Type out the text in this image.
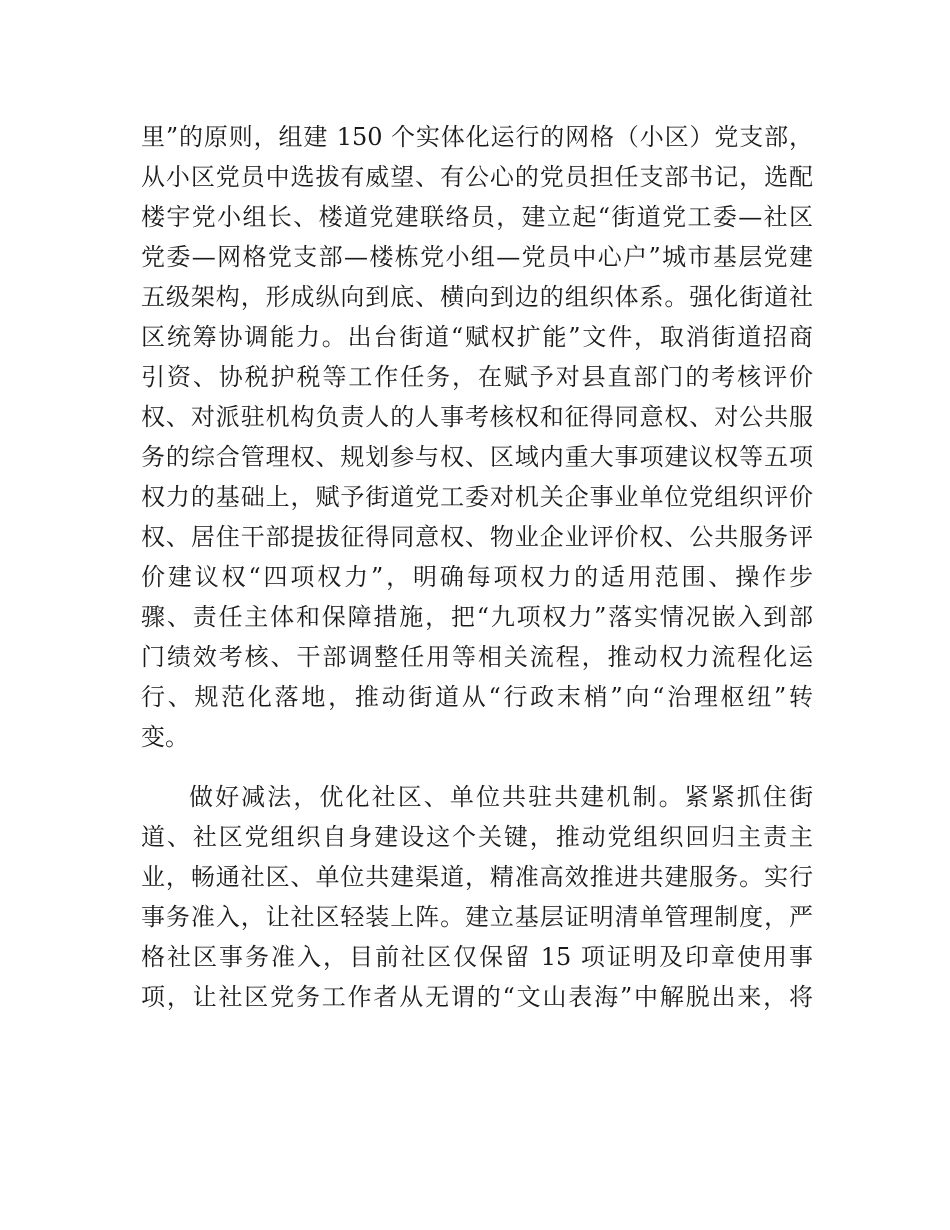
里”的原则，组建 150 个实体化运行的网格（小区）党支部，
从小区党员中选拔有威望、有公心的党员担任支部书记，选配
楼宇党小组长、楼道党建联络员，建立起“街道党工委—社区
党委—网格党支部—楼栋党小组—党员中心户”城市基层党建
五级架构，形成纵向到底、横向到边的组织体系。强化街道社
区统筹协调能力。出台街道“赋权扩能”文件，取消街道招商
引资、协税护税等工作任务，在赋予对县直部门的考核评价
权、对派驻机构负责人的人事考核权和征得同意权、对公共服
务的综合管理权、规划参与权、区域内重大事项建议权等五项
权力的基础上，赋予街道党工委对机关企事业单位党组织评价
权、居住干部提拔征得同意权、物业企业评价权、公共服务评
价建议权“四项权力”，明确每项权力的适用范围、操作步
骤、责任主体和保障措施，把“九项权力”落实情况嵌入到部
门绩效考核、干部调整任用等相关流程，推动权力流程化运
行、规范化落地，推动街道从“行政末梢”向“治理枢纽”转
变。
做好减法，优化社区、单位共驻共建机制。紧紧抓住街
道、社区党组织自身建设这个关键，推动党组织回归主责主
业，畅通社区、单位共建渠道，精准高效推进共建服务。实行
事务准入，让社区轻装上阵。建立基层证明清单管理制度，严
格社区事务准入，目前社区仅保留 15 项证明及印章使用事
项，让社区党务工作者从无谓的“文山表海”中解脱出来，将
